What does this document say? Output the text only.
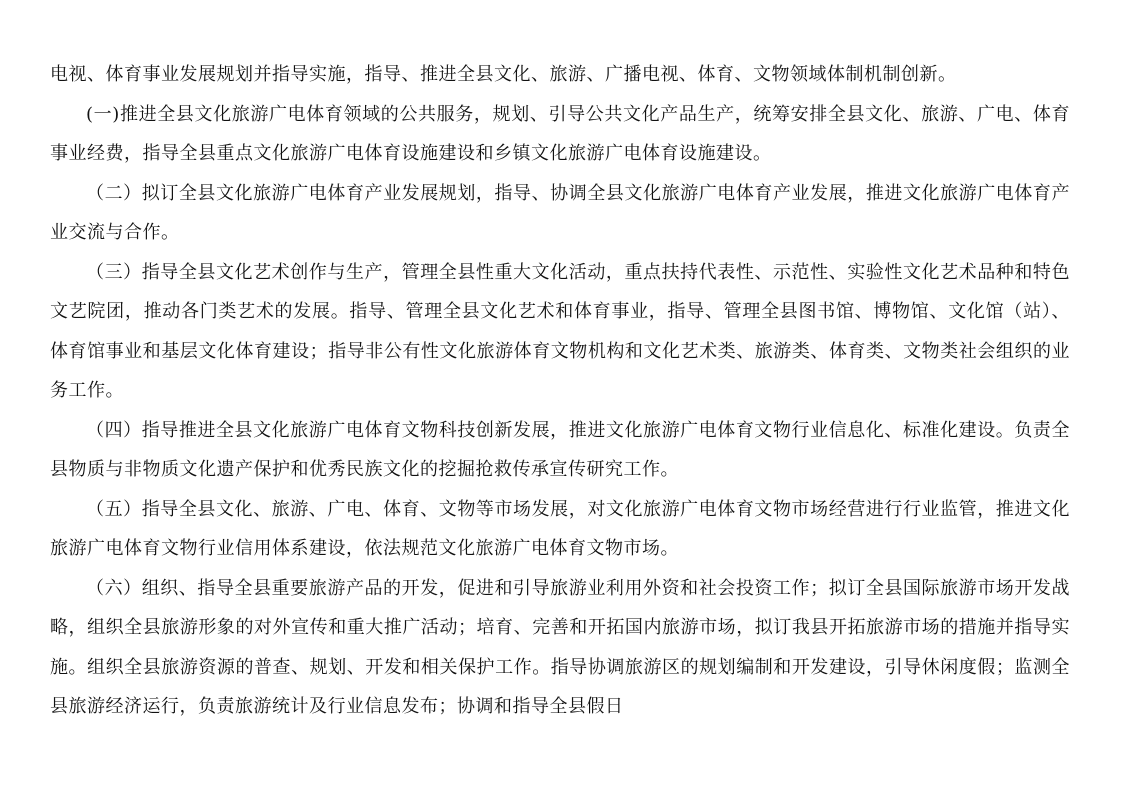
电视、体育事业发展规划并指导实施，指导、推进全县文化、旅游、广播电视、体育、文物领域体制机制创新。

(一)推进全县文化旅游广电体育领域的公共服务，规划、引导公共文化产品生产，统筹安排全县文化、旅游、广电、体育事业经费，指导全县重点文化旅游广电体育设施建设和乡镇文化旅游广电体育设施建设。

（二）拟订全县文化旅游广电体育产业发展规划，指导、协调全县文化旅游广电体育产业发展，推进文化旅游广电体育产业交流与合作。

（三）指导全县文化艺术创作与生产，管理全县性重大文化活动，重点扶持代表性、示范性、实验性文化艺术品种和特色文艺院团，推动各门类艺术的发展。指导、管理全县文化艺术和体育事业，指导、管理全县图书馆、博物馆、文化馆（站）、体育馆事业和基层文化体育建设；指导非公有性文化旅游体育文物机构和文化艺术类、旅游类、体育类、文物类社会组织的业务工作。

（四）指导推进全县文化旅游广电体育文物科技创新发展，推进文化旅游广电体育文物行业信息化、标准化建设。负责全县物质与非物质文化遗产保护和优秀民族文化的挖掘抢救传承宣传研究工作。

（五）指导全县文化、旅游、广电、体育、文物等市场发展，对文化旅游广电体育文物市场经营进行行业监管，推进文化旅游广电体育文物行业信用体系建设，依法规范文化旅游广电体育文物市场。

（六）组织、指导全县重要旅游产品的开发，促进和引导旅游业利用外资和社会投资工作；拟订全县国际旅游市场开发战略，组织全县旅游形象的对外宣传和重大推广活动；培育、完善和开拓国内旅游市场，拟订我县开拓旅游市场的措施并指导实施。组织全县旅游资源的普查、规划、开发和相关保护工作。指导协调旅游区的规划编制和开发建设，引导休闲度假；监测全县旅游经济运行，负责旅游统计及行业信息发布；协调和指导全县假日
